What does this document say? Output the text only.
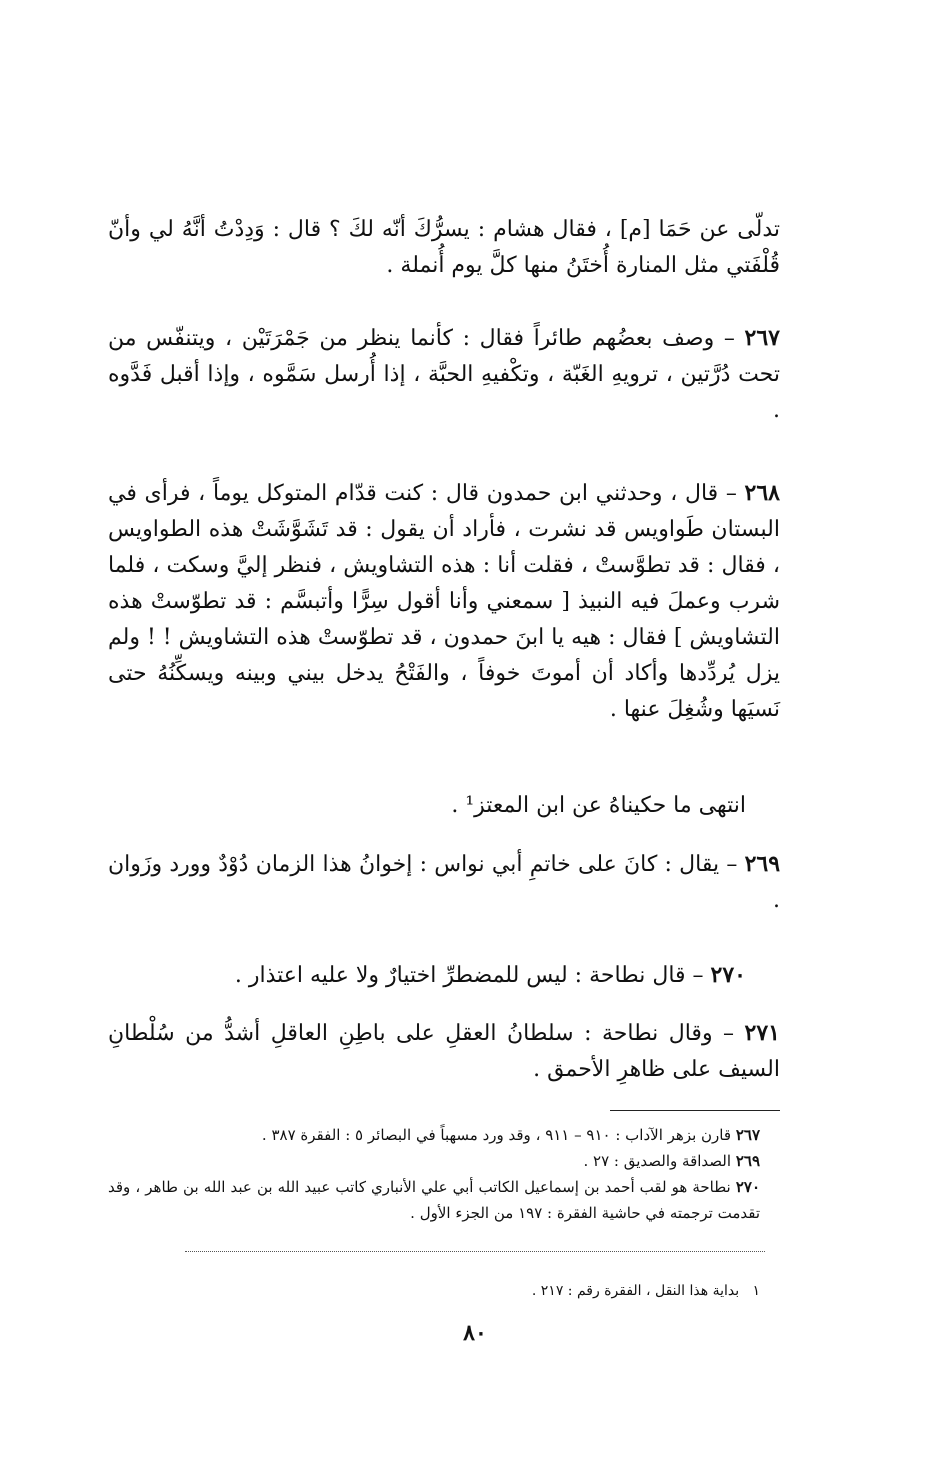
تدلّى عن حَمَا [م] ، فقال هشام : يسرُّكَ أنّه لكَ ؟ قال : وَدِدْتُ أنَّهُ لي وأنّ قُلْفَتي مثل المنارة أُختَنُ منها كلَّ يوم أُنملة .

٢٦٧ – وصف بعضُهم طائراً فقال : كأنما ينظر من جَمْرَتَيْن ، ويتنفّس من تحت دُرَّتين ، ترويهِ الغَبّة ، وتكْفيهِ الحبَّة ، إذا أُرسل سَمَّوه ، وإذا أقبل فَدَّوه .

٢٦٨ – قال ، وحدثني ابن حمدون قال : كنت قدّام المتوكل يوماً ، فرأى في البستان طَواويس قد نشرت ، فأراد أن يقول : قد تَشَوَّشَتْ هذه الطواويس ، فقال : قد تطوَّستْ ، فقلت أنا : هذه التشاويش ، فنظر إليَّ وسكت ، فلما شرب وعملَ فيه النبيذ [ سمعني وأنا أقول سِرًّا وأتبسَّم : قد تطوّستْ هذه التشاويش ] فقال : هيه يا ابنَ حمدون ، قد تطوّستْ هذه التشاويش ! ! ولم يزل يُردِّدها وأكاد أن أموتَ خوفاً ، والفَتْحُ يدخل بيني وبينه ويسكِّنُهُ حتى نَسيَها وشُغِلَ عنها .

انتهى ما حكيناهُ عن ابن المعتز¹ .

٢٦٩ – يقال : كانَ على خاتمِ أبي نواس : إخوانُ هذا الزمان دُوْدٌ وورد وزَوان .

٢٧٠ – قال نطاحة : ليس للمضطرِّ اختيارٌ ولا عليه اعتذار .

٢٧١ – وقال نطاحة : سلطانُ العقلِ على باطِنِ العاقلِ أشدُّ من سُلْطانِ السيف على ظاهرِ الأحمق .

٢٦٧ قارن بزهر الآداب : ٩١٠ – ٩١١ ، وقد ورد مسهباً في البصائر ٥ : الفقرة ٣٨٧ .

٢٦٩ الصداقة والصديق : ٢٧ .

٢٧٠ نطاحة هو لقب أحمد بن إسماعيل الكاتب أبي علي الأنباري كاتب عبيد الله بن عبد الله بن طاهر ، وقد تقدمت ترجمته في حاشية الفقرة : ١٩٧ من الجزء الأول .

١   بداية هذا النقل ، الفقرة رقم : ٢١٧ .

٨٠
